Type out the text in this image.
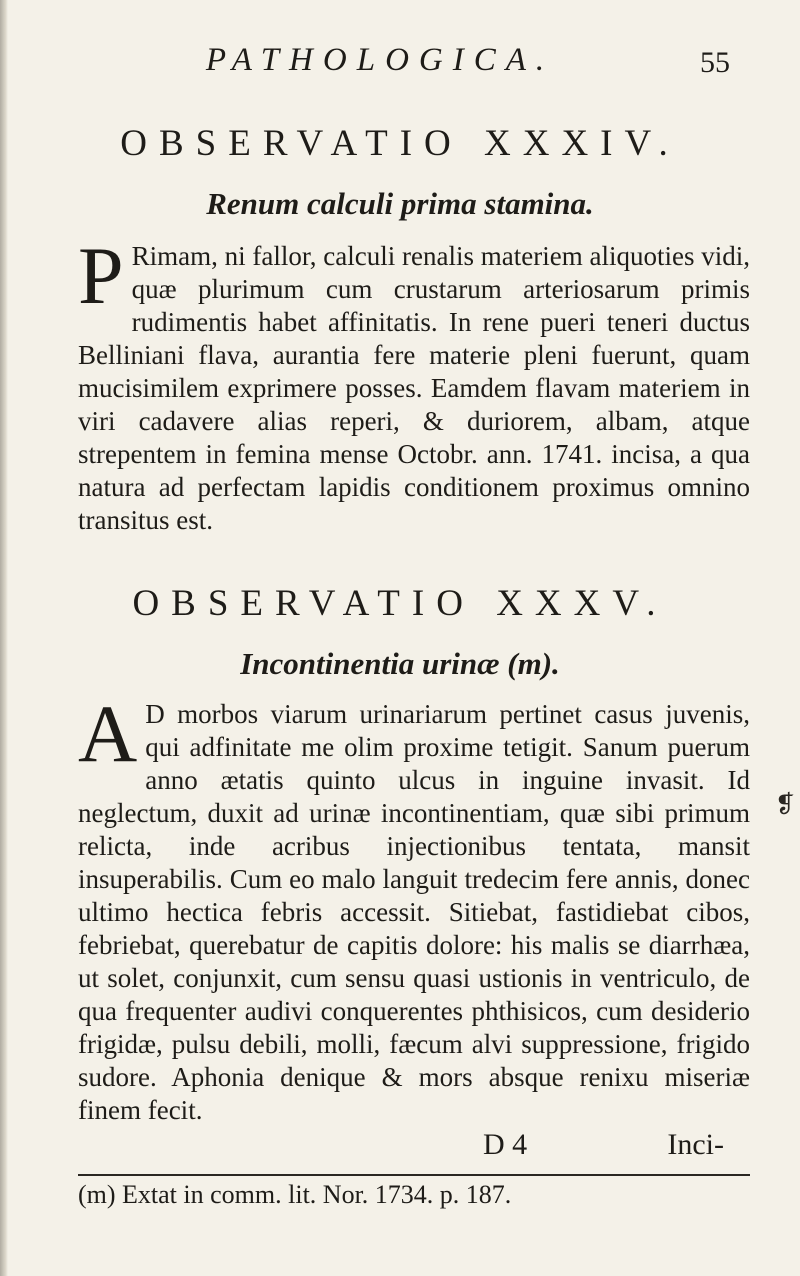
PATHOLOGICA.	55
OBSERVATIO XXXIV.
Renum calculi prima stamina.

PRimam, ni fallor, calculi renalis materiem aliquoties vidi, quæ plurimum cum crustarum arteriosarum primis rudimentis habet affinitatis. In rene pueri teneri ductus Belliniani flava, aurantia fere materie pleni fuerunt, quam mucisimilem exprimere posses. Eamdem flavam materiem in viri cadavere alias reperi, & duriorem, albam, atque strepentem in femina mense Octobr. ann. 1741. incisa, a qua natura ad perfectam lapidis conditionem proximus omnino transitus est.

OBSERVATIO XXXV.
Incontinentia urinæ (m).

AD morbos viarum urinariarum pertinet casus juvenis, qui adfinitate me olim proxime tetigit. Sanum puerum anno ætatis quinto ulcus in inguine invasit. Id neglectum, duxit ad urinæ incontinentiam, quæ sibi primum relicta, inde acribus injectionibus tentata, mansit insuperabilis. Cum eo malo languit tredecim fere annis, donec ultimo hectica febris accessit. Sitiebat, fastidiebat cibos, febriebat, querebatur de capitis dolore: his malis se diarrhæa, ut solet, conjunxit, cum sensu quasi ustionis in ventriculo, de qua frequenter audivi conquerentes phthisicos, cum desiderio frigidæ, pulsu debili, molli, fæcum alvi suppressione, frigido sudore. Aphonia denique & mors absque renixu miseriæ finem fecit.

❡
D 4	Inci-
(m) Extat in comm. lit. Nor. 1734. p. 187.
